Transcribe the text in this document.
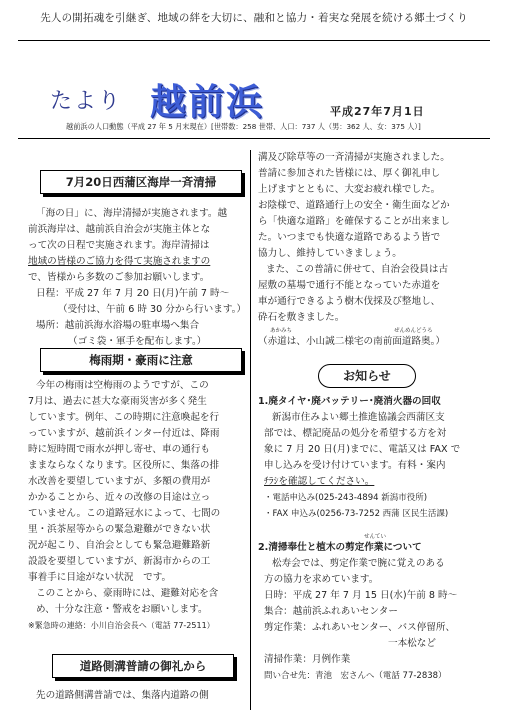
先人の開拓魂を引継ぎ、地域の絆を大切に、融和と協力・着実な発展を続ける郷土づくり
たより 越前浜	平成27年7月1日
越前浜の人口動態（平成 27 年 5 月末現在）[世帯数：258 世帯、人口：737 人（男：362 人、女：375 人）]
7月20日西蒲区海岸一斉清掃

「海の日」に、海岸清掃が実施されます。越

前浜海岸は、越前浜自治会が実施主体とな

って次の日程で実施されます。海岸清掃は

地域の皆様のご協力を得て実施されますの

で、皆様から多数のご参加お願いします。

日程：平成 27 年 7 月 20 日(月)午前 7 時～

（受付は、午前 6 時 30 分から行います。）

場所：越前浜海水浴場の駐車場へ集合

（ゴミ袋・軍手を配布します。）

梅雨期・豪雨に注意

今年の梅雨は空梅雨のようですが、この

7月は、過去に甚大な豪雨災害が多く発生

しています。例年、この時期に注意喚起を行

っていますが、越前浜インター付近は、降雨

時に短時間で雨水が押し寄せ、車の通行も

ままならなくなります。区役所に、集落の排

水改善を要望していますが、多額の費用が

かかることから、近々の改修の目途は立っ

ていません。この道路冠水によって、七間の

里・浜茶屋等からの緊急避難ができない状

況が起こり、自治会としても緊急避難路新

設設を要望していますが、新潟市からの工

事着手に目途がない状況　です。

このことから、豪雨時には、避難対応を含

め、十分な注意・警戒をお願いします。

※緊急時の連絡：小川自治会長へ（電話 77-2511）

道路側溝普請の御礼から

先の道路側溝普請では、集落内道路の側

溝及び除草等の一斉清掃が実施されました。

普請に参加された皆様には、厚く御礼申し

上げますとともに、大変お疲れ様でした。

お陰様で、道路通行上の安全・衛生面などか

ら「快適な道路」を確保することが出来まし

た。いつまでも快適な道路であるよう皆で

協力し、維持していきましょう。

また、この普請に併せて、自治会役員は古

屋敷の墓場で通行不能となっていた赤道を

車が通行できるよう樹木伐採及び整地し、

砕石を敷きました。

（赤道は、小山誠二様宅の南前面道路奥。）

あかみち	ぜんめんどうろ
お知らせ

1.廃タイヤ･廃バッテリー･廃消火器の回収

新潟市住みよい郷土推進協議会西蒲区支

部では、標記廃品の処分を希望する方を対

象に 7 月 20 日(月)までに、電話又は FAX で

申し込みを受け付けています。有料・案内

ﾁﾗｼを確認してください。

・電話申込み(025-243-4894 新潟市役所)

・FAX 申込み(0256-73-7252 西蒲 区民生活課)

せんてい

2.清掃奉仕と植木の剪定作業について

松寿会では、剪定作業で腕に覚えのある

方の協力を求めています。

日時：平成 27 年 7 月 15 日(水)午前 8 時～

集合：越前浜ふれあいセンター

剪定作業：ふれあいセンター、バス停留所、

一本松など

清掃作業：月例作業

問い合せ先：青池　宏さんへ（電話 77-2838）
